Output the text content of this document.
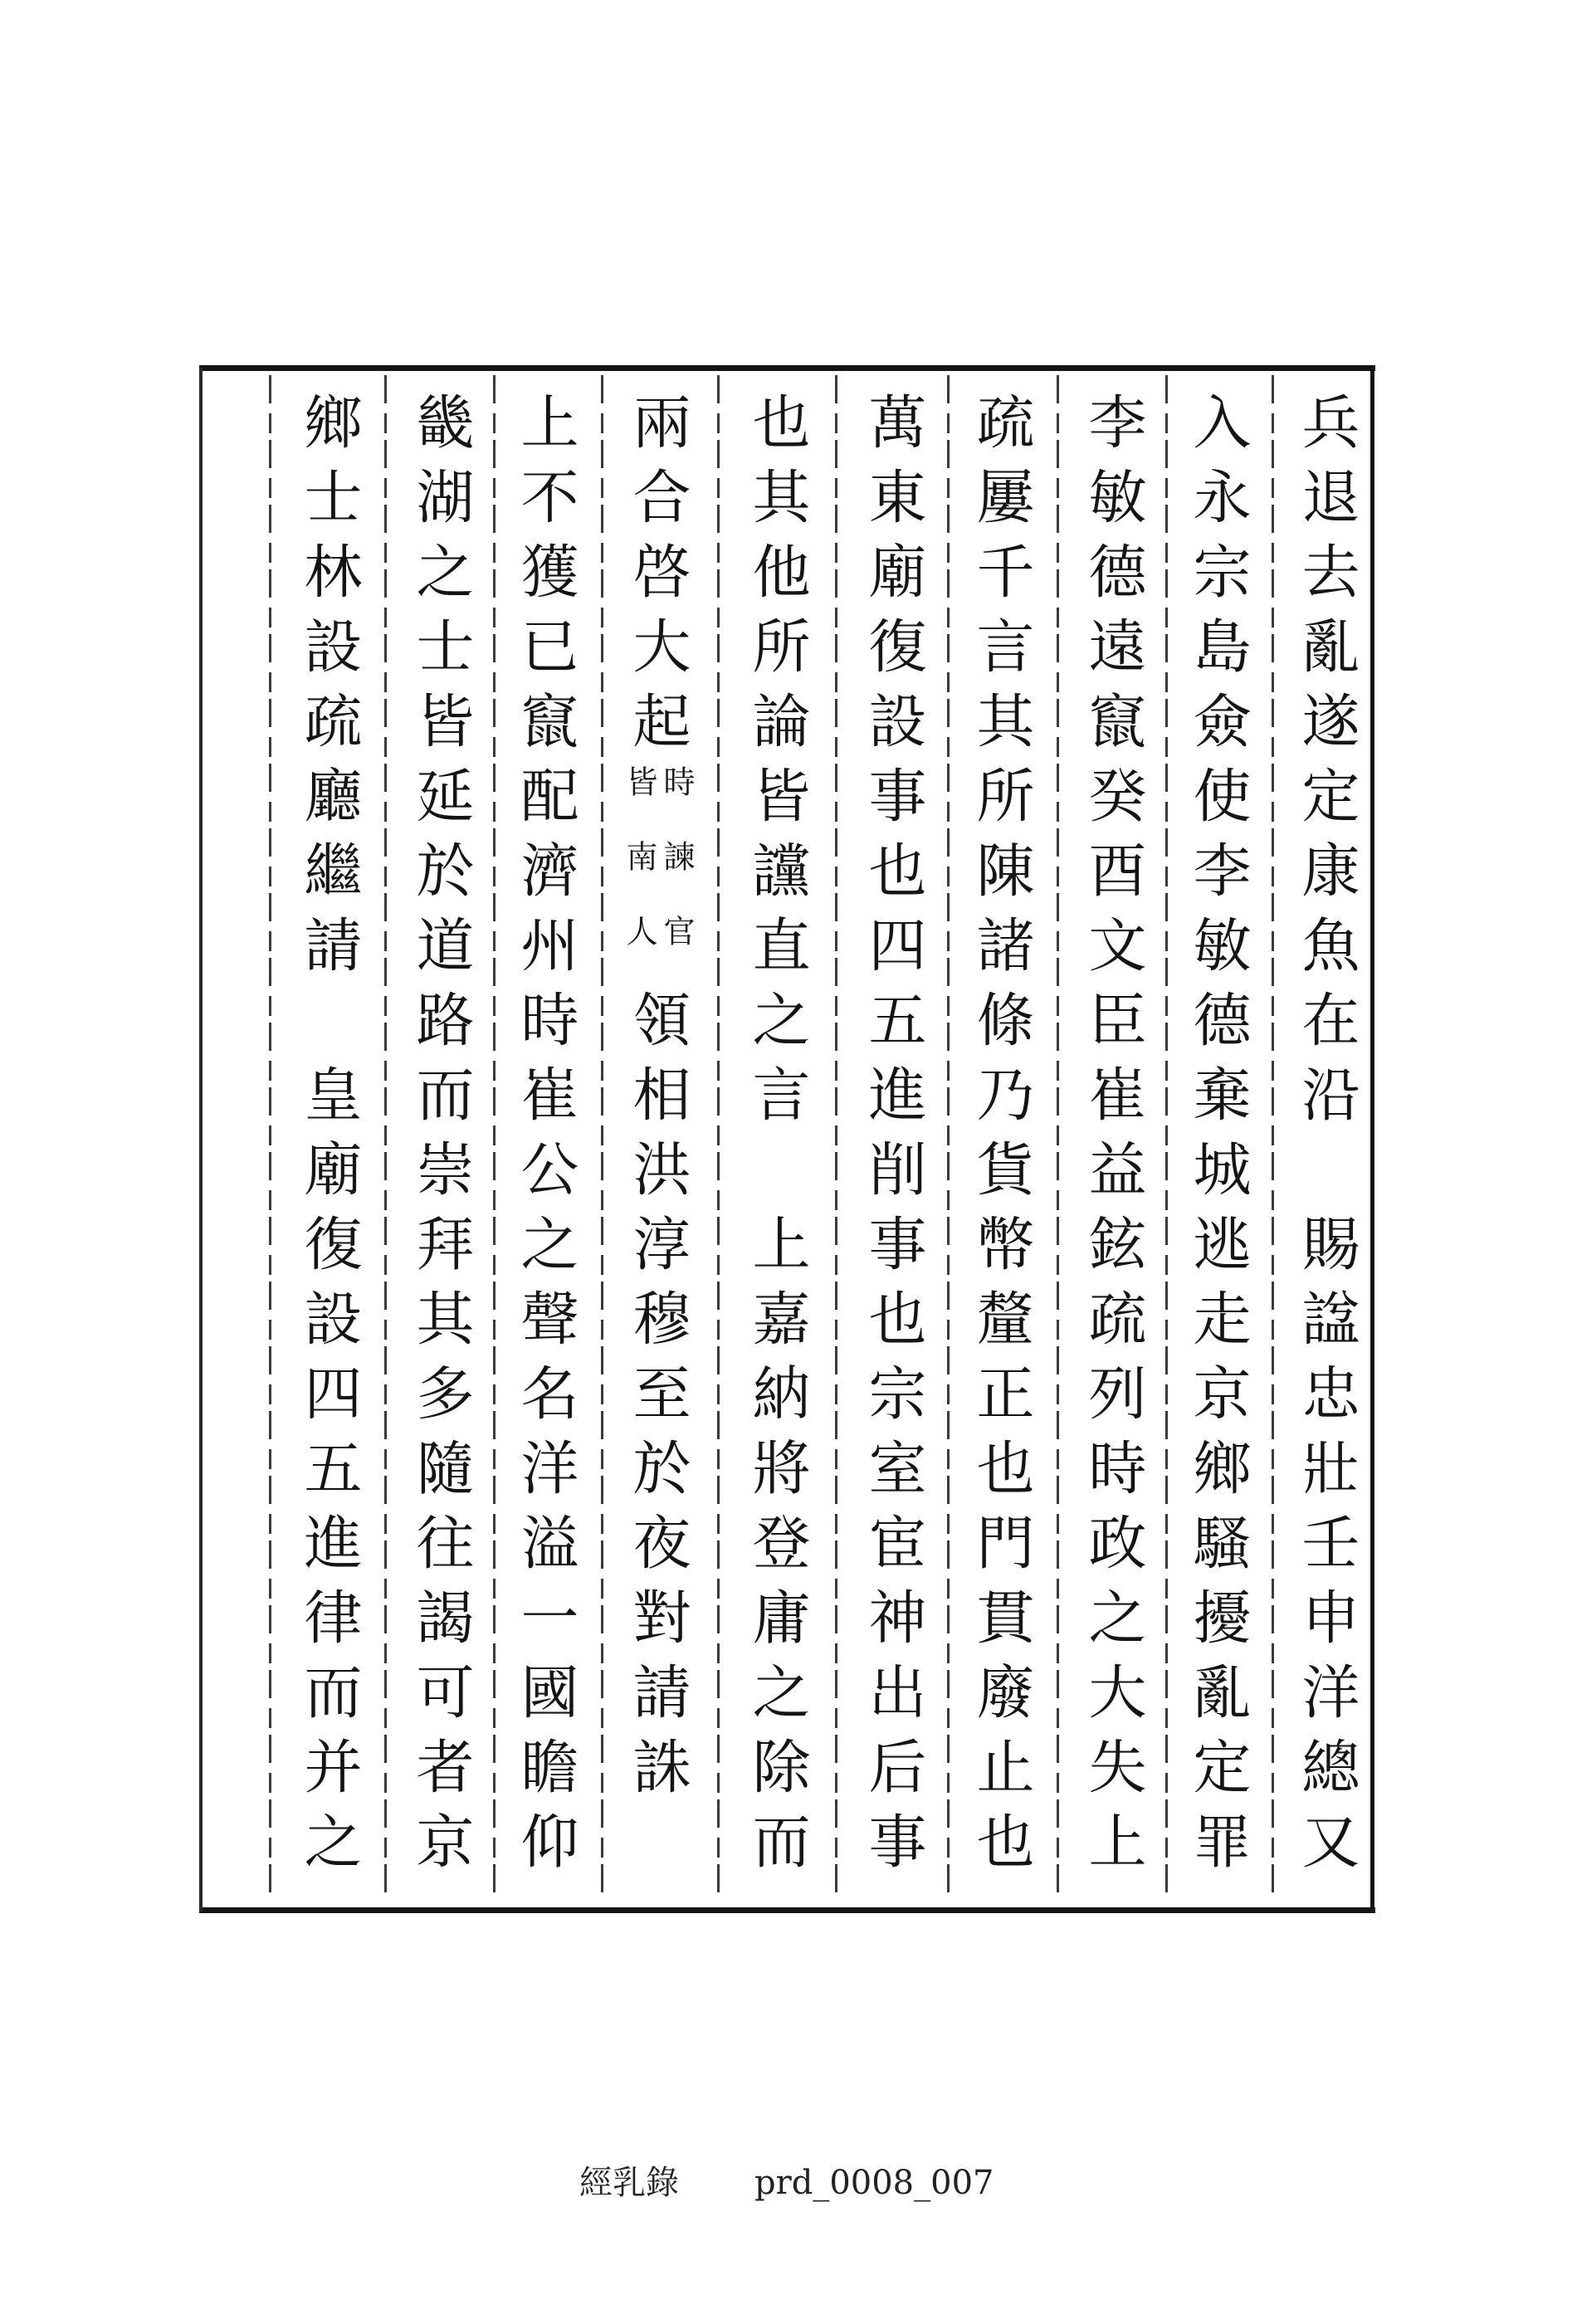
兵退去亂遂定康魚在沿
賜諡忠壯壬申洋總又
入永宗島僉使李敏德棄城逃走京鄉騷擾亂定罪
李敏德遠竄癸酉文臣崔益鉉疏列時政之大失上
疏屢千言其所陳諸條乃貨幣釐正也門貫廢止也
萬東廟復設事也四五進削事也宗室宦神出后事
也其他所論皆讜直之言
上嘉納將登庸之除而
兩合啓大起
時諫官
皆南人
領相洪淳穆至於夜對請誅
上不獲已竄配濟州時崔公之聲名洋溢一國瞻仰
畿湖之士皆延於道路而崇拜其多隨往謁可者京
鄉士林設疏廳繼請
皇廟復設四五進律而并之
經乳錄 prd_0008_007
